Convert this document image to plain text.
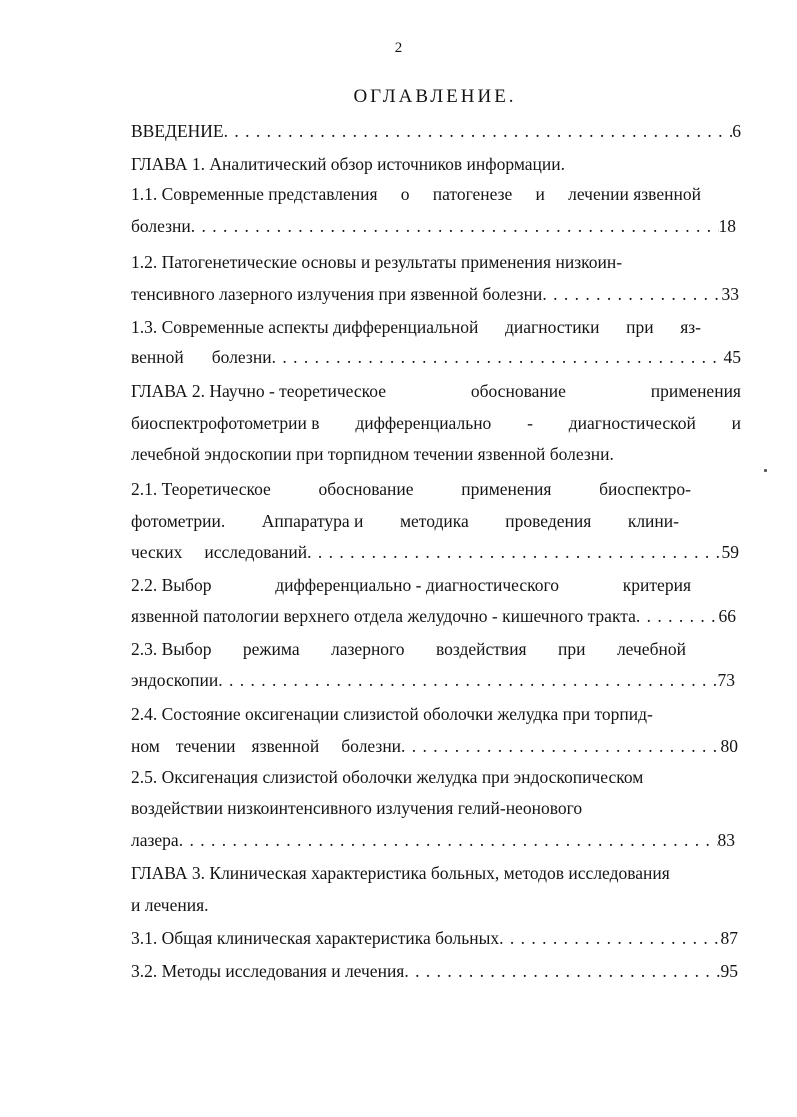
2
ОГЛАВЛЕНИЕ.
ВВЕДЕНИЕ . . .	6
ГЛАВА 1. Аналитический обзор источников информации.
1.1. Современные представления о патогенезе и лечении язвенной
болезни . . .	18
1.2. Патогенетические основы и результаты применения низкоин-
тенсивного лазерного излучения при язвенной болезни . . .	33
1.3. Современные аспекты дифференциальной диагностики при яз-
венной болезни . . .	45
ГЛАВА 2. Научно - теоретическое	обоснование	применения
биоспектрофотометрии в дифференциально - диагностической и
лечебной эндоскопии при торпидном течении язвенной болезни.
2.1. Теоретическое	обоснование	применения	биоспектро-
фотометрии. Аппаратура и методика проведения клини-
ческих исследований . . .	59
2.2. Выбор	дифференциально - диагностического	критерия
язвенной патологии верхнего отдела желудочно - кишечного тракта . . .	66
2.3. Выбор режима лазерного воздействия при лечебной
эндоскопии . . .	73
2.4. Состояние оксигенации слизистой оболочки желудка при торпид-
ном течении язвенной болезни . . .	80
2.5. Оксигенация слизистой оболочки желудка при эндоскопическом
воздействии низкоинтенсивного излучения гелий-неонового
лазера . . .	83
ГЛАВА 3. Клиническая характеристика больных, методов исследования
и лечения.
3.1. Общая клиническая характеристика больных . . .	87
3.2. Методы исследования и лечения . . .	95
